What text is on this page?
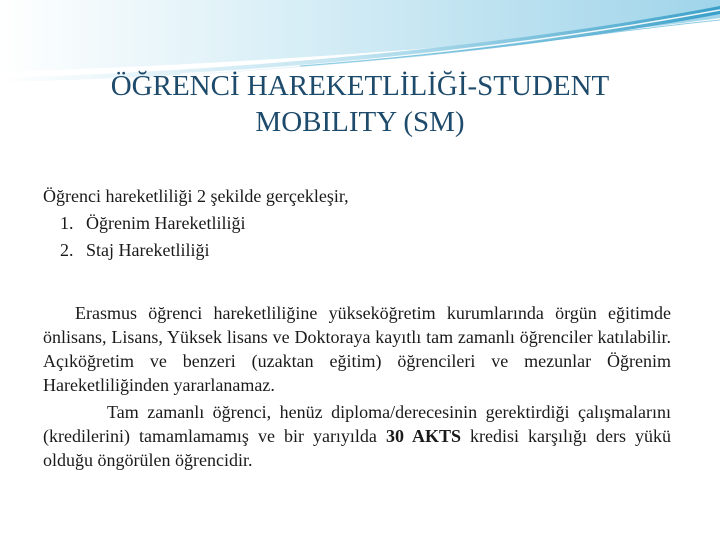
ÖĞRENCİ HAREKETLİLİĞİ-STUDENT MOBILITY (SM)
Öğrenci hareketliliği 2 şekilde gerçekleşir,
1. Öğrenim Hareketliliği
2. Staj Hareketliliği

Erasmus öğrenci hareketliliğine yükseköğretim kurumlarında örgün eğitimde önlisans, Lisans, Yüksek lisans ve Doktoraya kayıtlı tam zamanlı öğrenciler katılabilir. Açıköğretim ve benzeri (uzaktan eğitim) öğrencileri ve mezunlar Öğrenim Hareketliliğinden yararlanamaz.

Tam zamanlı öğrenci, henüz diploma/derecesinin gerektirdiği çalışmalarını (kredilerini) tamamlamamış ve bir yarıyılda 30 AKTS kredisi karşılığı ders yükü olduğu öngörülen öğrencidir.
